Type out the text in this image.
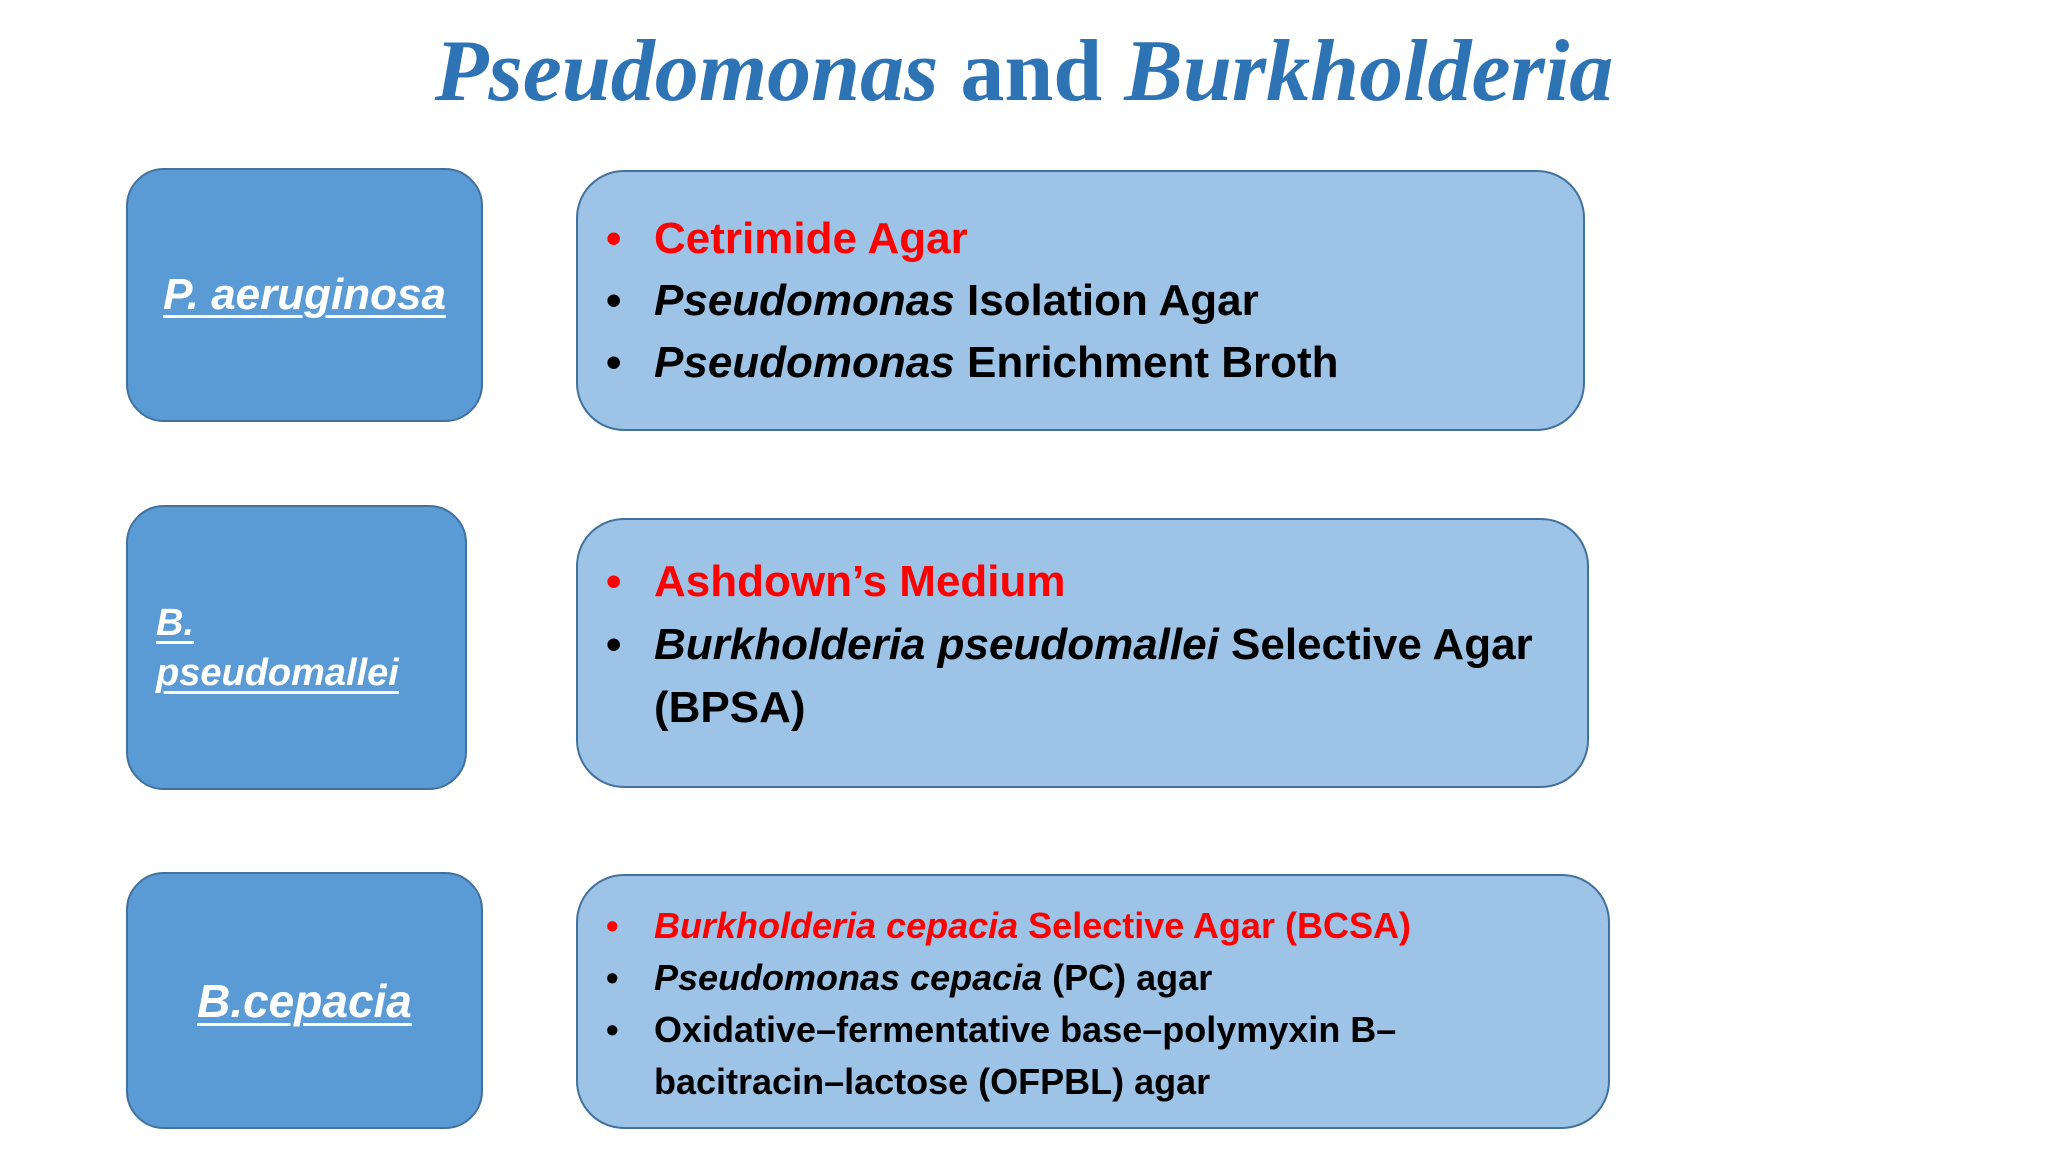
Pseudomonas and Burkholderia
P. aeruginosa
• Cetrimide Agar
• Pseudomonas Isolation Agar
• Pseudomonas Enrichment Broth
B. pseudomallei
• Ashdown’s Medium
• Burkholderia pseudomallei Selective Agar (BPSA)
B.cepacia
• Burkholderia cepacia Selective Agar (BCSA)
• Pseudomonas cepacia (PC) agar
• Oxidative–fermentative base–polymyxin B–bacitracin–lactose (OFPBL) agar
